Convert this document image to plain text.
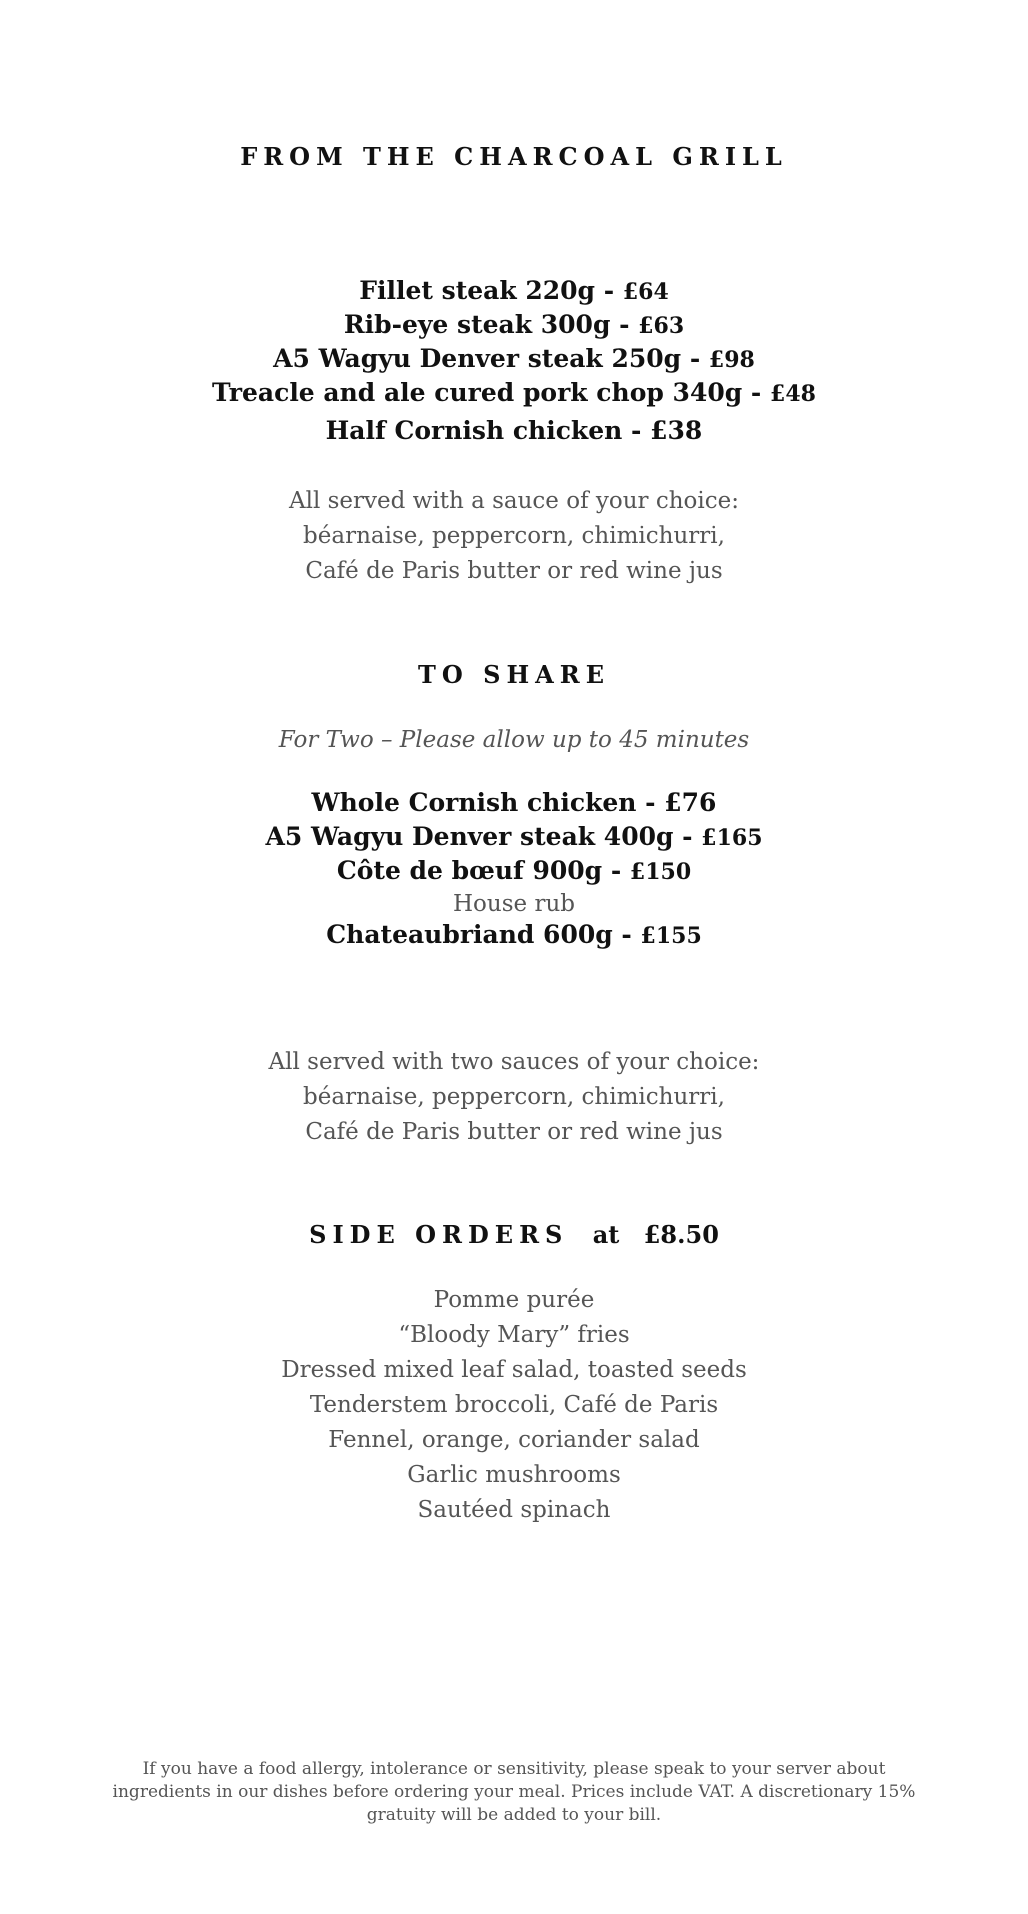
FROM THE CHARCOAL GRILL
Fillet steak 220g - £64
Rib-eye steak 300g - £63
A5 Wagyu Denver steak 250g - £98
Treacle and ale cured pork chop 340g - £48
Half Cornish chicken - £38
All served with a sauce of your choice:
béarnaise, peppercorn, chimichurri,
Café de Paris butter or red wine jus
TO SHARE
For Two – Please allow up to 45 minutes
Whole Cornish chicken - £76
A5 Wagyu Denver steak 400g - £165
Côte de bœuf 900g - £150
House rub
Chateaubriand 600g - £155
All served with two sauces of your choice:
béarnaise, peppercorn, chimichurri,
Café de Paris butter or red wine jus
SIDE ORDERS at £8.50
Pomme purée
“Bloody Mary” fries
Dressed mixed leaf salad, toasted seeds
Tenderstem broccoli, Café de Paris
Fennel, orange, coriander salad
Garlic mushrooms
Sautéed spinach
If you have a food allergy, intolerance or sensitivity, please speak to your server about
ingredients in our dishes before ordering your meal. Prices include VAT. A discretionary 15%
gratuity will be added to your bill.
